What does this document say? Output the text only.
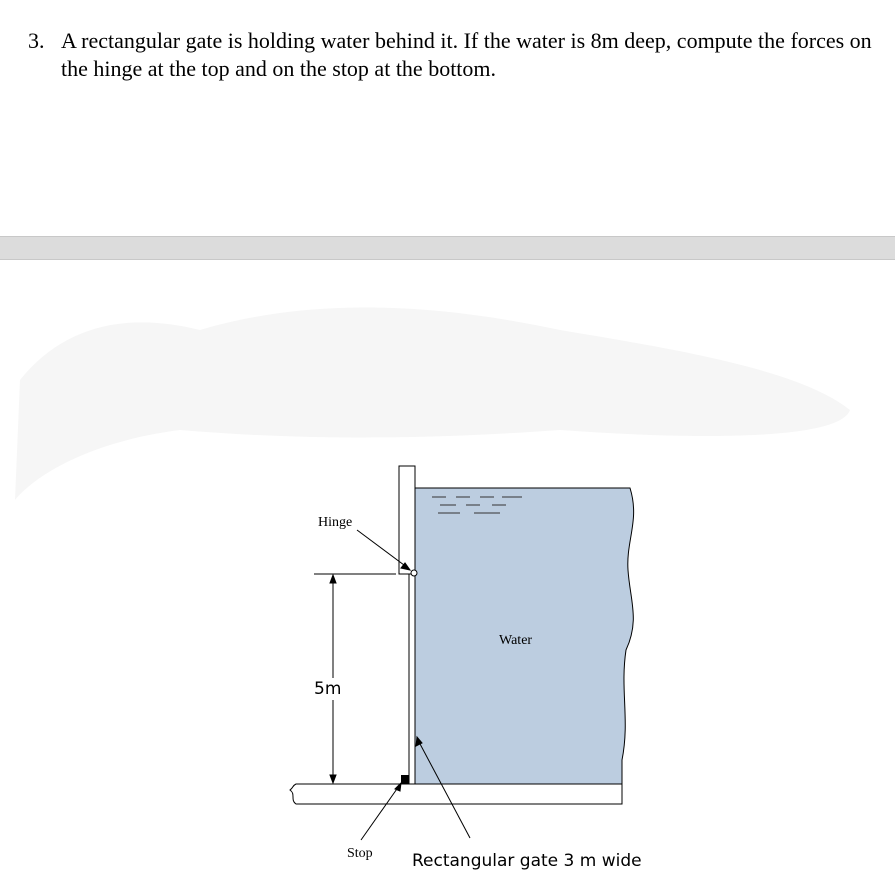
3. A rectangular gate is holding water behind it. If the water is 8m deep, compute the forces on the hinge at the top and on the stop at the bottom.
Hinge
Water
5m
Stop Rectangular gate 3 m wide
